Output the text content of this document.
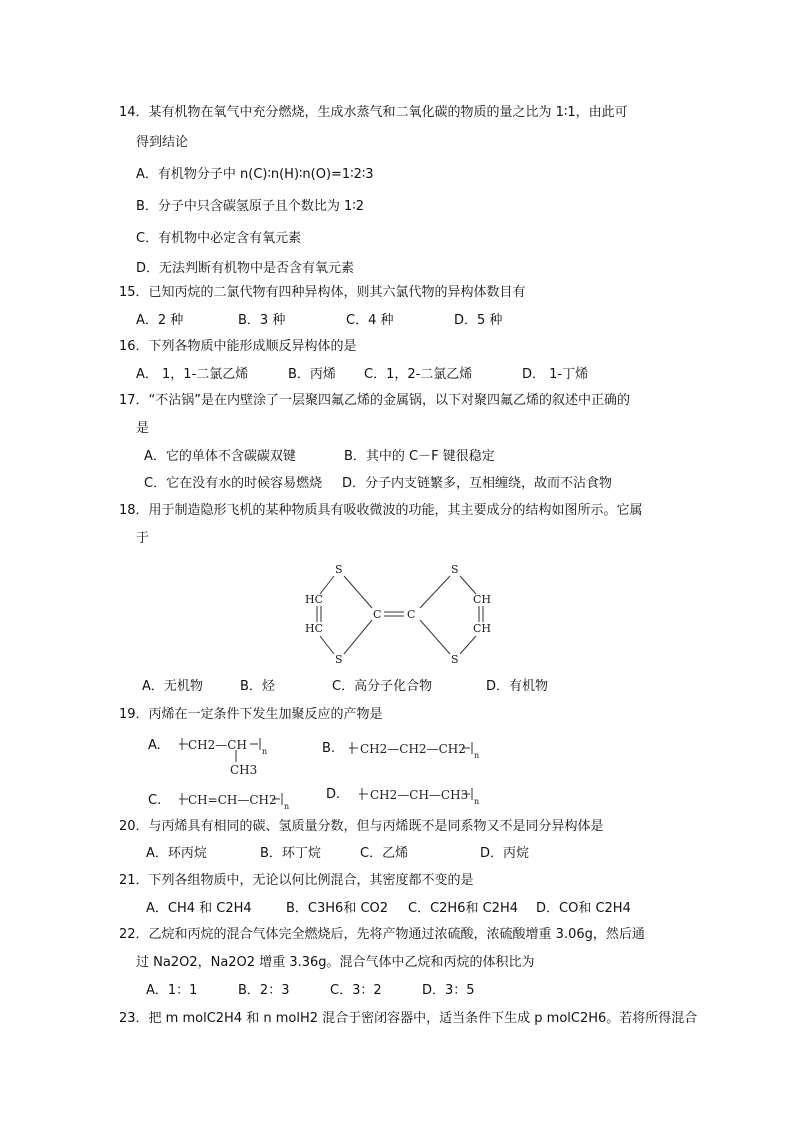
14．某有机物在氧气中充分燃烧，生成水蒸气和二氧化碳的物质的量之比为 1∶1，由此可
得到结论
A．有机物分子中 n(C)∶n(H)∶n(O)=1∶2∶3
B．分子中只含碳氢原子且个数比为 1∶2
C．有机物中必定含有氧元素
D．无法判断有机物中是否含有氧元素
15．已知丙烷的二氯代物有四种异构体，则其六氯代物的异构体数目有
A．2 种	B．3 种	C．4 种	D．5 种
16．下列各物质中能形成顺反异构体的是
A． 1，1-二氯乙烯	B．丙烯 C．1，2-二氯乙烯	D． 1-丁烯
17．“不沾锅”是在内壁涂了一层聚四氟乙烯的金属锅，以下对聚四氟乙烯的叙述中正确的
是
A．它的单体不含碳碳双键	B．其中的 C－F 键很稳定
C．它在没有水的时候容易燃烧 D．分子内支链繁多，互相缠绕，故而不沾食物
18．用于制造隐形飞机的某种物质具有吸收微波的功能，其主要成分的结构如图所示。它属
于
S
S
S
S
HC
HC
CH
CH
C C
A．无机物	B．烃	C．高分子化合物	D．有机物
19．丙烯在一定条件下发生加聚反应的产物是
A. CH2—CH n
CH3
B. CH2—CH2—CH2 n
C. CH=CH—CH2 n
D. CH2—CH—CH3 n
20．与丙烯具有相同的碳、氢质量分数，但与丙烯既不是同系物又不是同分异构体是
A．环丙烷	B．环丁烷	C．乙烯	D．丙烷
21．下列各组物质中，无论以何比例混合，其密度都不变的是
A．CH4 和 C2H4	B．C3H6和 CO2 C．C2H6和 C2H4 D．CO和 C2H4
22．乙烷和丙烷的混合气体完全燃烧后，先将产物通过浓硫酸，浓硫酸增重 3.06g，然后通
过 Na2O2，Na2O2 增重 3.36g。混合气体中乙烷和丙烷的体积比为
A．1：1	B．2：3	C．3：2	D．3：5
23．把 m molC2H4 和 n molH2 混合于密闭容器中，适当条件下生成 p molC2H6。若将所得混合
